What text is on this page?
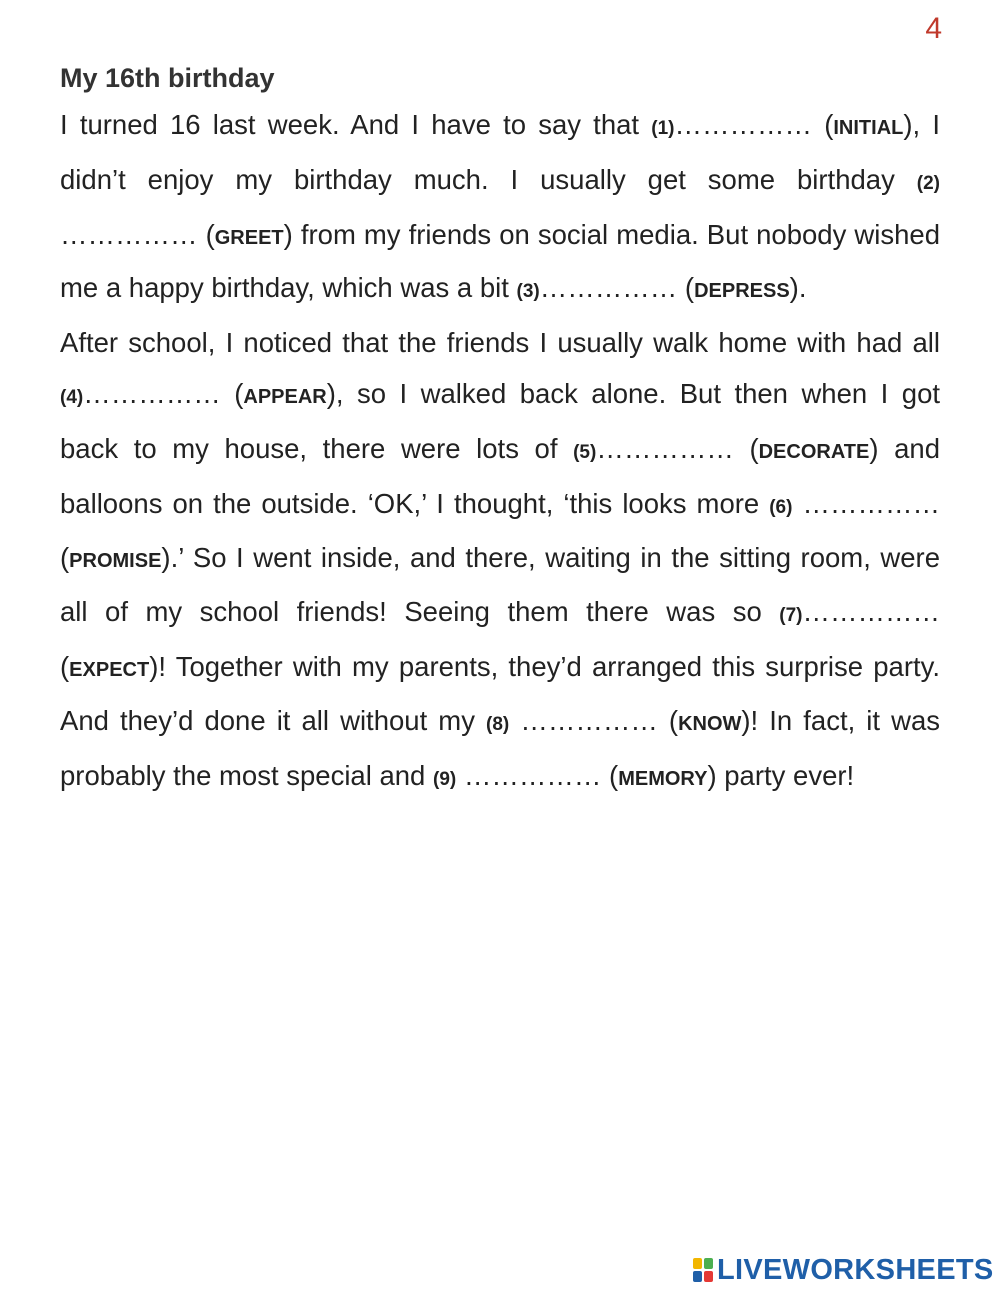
4
My 16th birthday

I turned 16 last week. And I have to say that (1)…………… (INITIAL), I didn’t enjoy my birthday much. I usually get some birthday (2) …………… (GREET) from my friends on social media. But nobody wished me a happy birthday, which was a bit (3)…………… (DEPRESS).

After school, I noticed that the friends I usually walk home with had all (4)…………… (APPEAR), so I walked back alone. But then when I got back to my house, there were lots of (5)…………… (DECORATE) and balloons on the outside. ‘OK,’ I thought, ‘this looks more (6) …………… (PROMISE).’ So I went inside, and there, waiting in the sitting room, were all of my school friends! Seeing them there was so (7)…………… (EXPECT)! Together with my parents, they’d arranged this surprise party. And they’d done it all without my (8) …………… (KNOW)! In fact, it was probably the most special and (9) …………… (MEMORY) party ever!

LIVEWORKSHEETS
